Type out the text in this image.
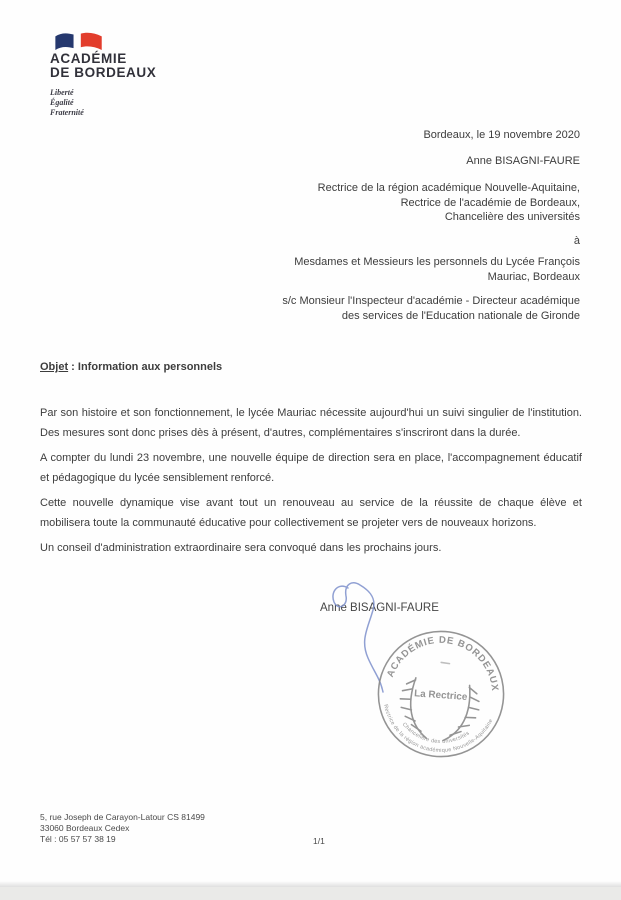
ACADÉMIE
DE BORDEAUX
Liberté
Égalité
Fraternité
Bordeaux, le 19 novembre 2020
Anne BISAGNI-FAURE
Rectrice de la région académique Nouvelle-Aquitaine,
Rectrice de l'académie de Bordeaux,
Chancelière des universités
à
Mesdames et Messieurs les personnels du Lycée François
Mauriac, Bordeaux
s/c Monsieur l'Inspecteur d'académie - Directeur académique
des services de l'Education nationale de Gironde
Objet : Information aux personnels
Par son histoire et son fonctionnement, le lycée Mauriac nécessite aujourd'hui un suivi singulier de l'institution. Des mesures sont donc prises dès à présent, d'autres, complémentaires s'inscriront dans la durée.
A compter du lundi 23 novembre, une nouvelle équipe de direction sera en place, l'accompagnement éducatif et pédagogique du lycée sensiblement renforcé.
Cette nouvelle dynamique vise avant tout un renouveau au service de la réussite de chaque élève et mobilisera toute la communauté éducative pour collectivement se projeter vers de nouveaux horizons.
Un conseil d'administration extraordinaire sera convoqué dans les prochains jours.
Anne BISAGNI-FAURE
ACADÉMIE DE BORDEAUX
Rectrice de la région académique Nouvelle-Aquitaine
Chancelière des universités
La Rectrice
5, rue Joseph de Carayon-Latour CS 81499
33060 Bordeaux Cedex
Tél : 05 57 57 38 19	1/1
